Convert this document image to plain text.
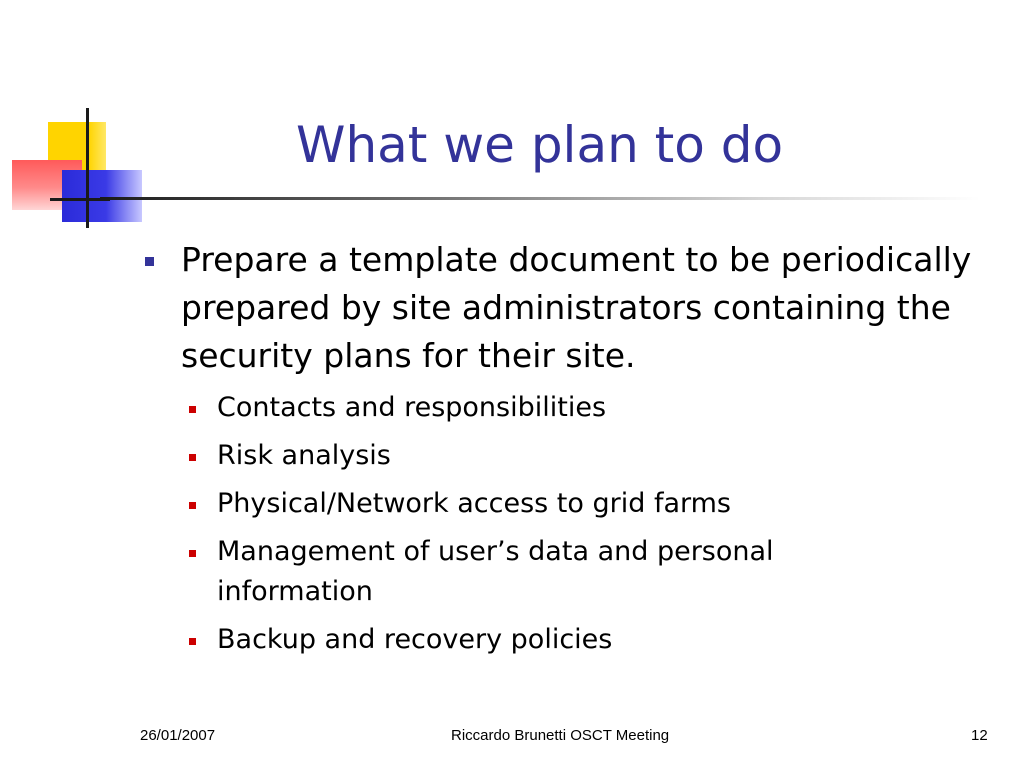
What we plan to do
Prepare a template document to be periodically prepared by site administrators containing the security plans for their site.
Contacts and responsibilities
Risk analysis
Physical/Network access to grid farms
Management of user’s data and personal information
Backup and recovery policies
26/01/2007	Riccardo Brunetti OSCT Meeting	12
